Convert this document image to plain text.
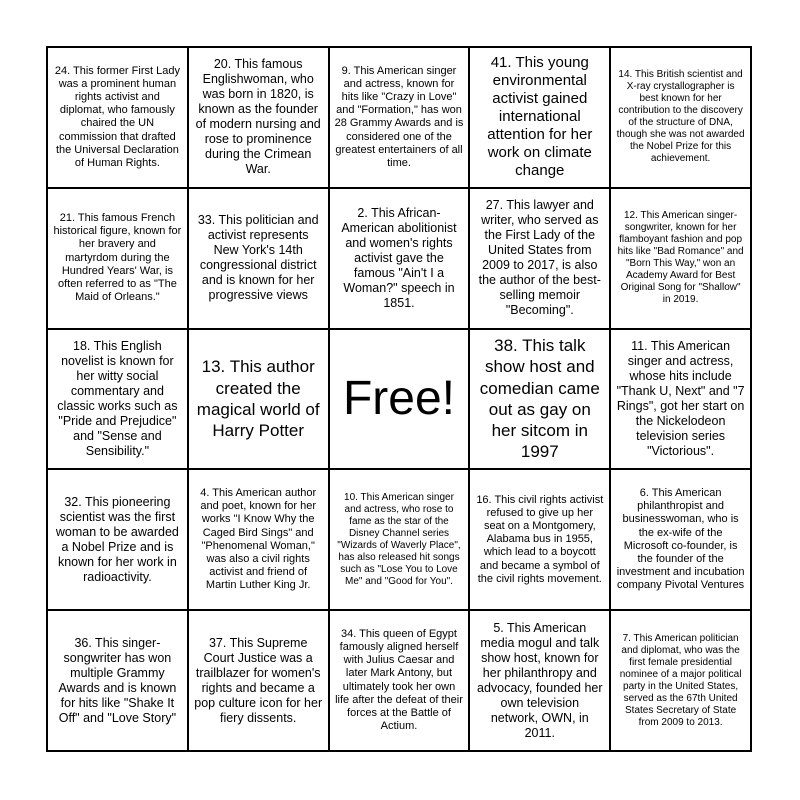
24. This former First Lady was a prominent human rights activist and diplomat, who famously chaired the UN commission that drafted the Universal Declaration of Human Rights.
20. This famous Englishwoman, who was born in 1820, is known as the founder of modern nursing and rose to prominence during the Crimean War.
9. This American singer and actress, known for hits like "Crazy in Love" and "Formation," has won 28 Grammy Awards and is considered one of the greatest entertainers of all time.
41. This young environmental activist gained international attention for her work on climate change
14. This British scientist and X-ray crystallographer is best known for her contribution to the discovery of the structure of DNA, though she was not awarded the Nobel Prize for this achievement.
21. This famous French historical figure, known for her bravery and martyrdom during the Hundred Years' War, is often referred to as "The Maid of Orleans."
33. This politician and activist represents New York's 14th congressional district and is known for her progressive views
2. This African-American abolitionist and women's rights activist gave the famous "Ain't I a Woman?" speech in 1851.
27. This lawyer and writer, who served as the First Lady of the United States from 2009 to 2017, is also the author of the best-selling memoir "Becoming".
12. This American singer-songwriter, known for her flamboyant fashion and pop hits like "Bad Romance" and "Born This Way," won an Academy Award for Best Original Song for "Shallow" in 2019.
18. This English novelist is known for her witty social commentary and classic works such as "Pride and Prejudice" and "Sense and Sensibility."
13. This author created the magical world of Harry Potter
Free!
38. This talk show host and comedian came out as gay on her sitcom in 1997
11. This American singer and actress, whose hits include "Thank U, Next" and "7 Rings", got her start on the Nickelodeon television series "Victorious".
32. This pioneering scientist was the first woman to be awarded a Nobel Prize and is known for her work in radioactivity.
4. This American author and poet, known for her works "I Know Why the Caged Bird Sings" and "Phenomenal Woman," was also a civil rights activist and friend of Martin Luther King Jr.
10. This American singer and actress, who rose to fame as the star of the Disney Channel series "Wizards of Waverly Place", has also released hit songs such as "Lose You to Love Me" and "Good for You".
16. This civil rights activist refused to give up her seat on a Montgomery, Alabama bus in 1955, which lead to a boycott and became a symbol of the civil rights movement.
6. This American philanthropist and businesswoman, who is the ex-wife of the Microsoft co-founder, is the founder of the investment and incubation company Pivotal Ventures
36. This singer-songwriter has won multiple Grammy Awards and is known for hits like "Shake It Off" and "Love Story"
37. This Supreme Court Justice was a trailblazer for women's rights and became a pop culture icon for her fiery dissents.
34. This queen of Egypt famously aligned herself with Julius Caesar and later Mark Antony, but ultimately took her own life after the defeat of their forces at the Battle of Actium.
5. This American media mogul and talk show host, known for her philanthropy and advocacy, founded her own television network, OWN, in 2011.
7. This American politician and diplomat, who was the first female presidential nominee of a major political party in the United States, served as the 67th United States Secretary of State from 2009 to 2013.
